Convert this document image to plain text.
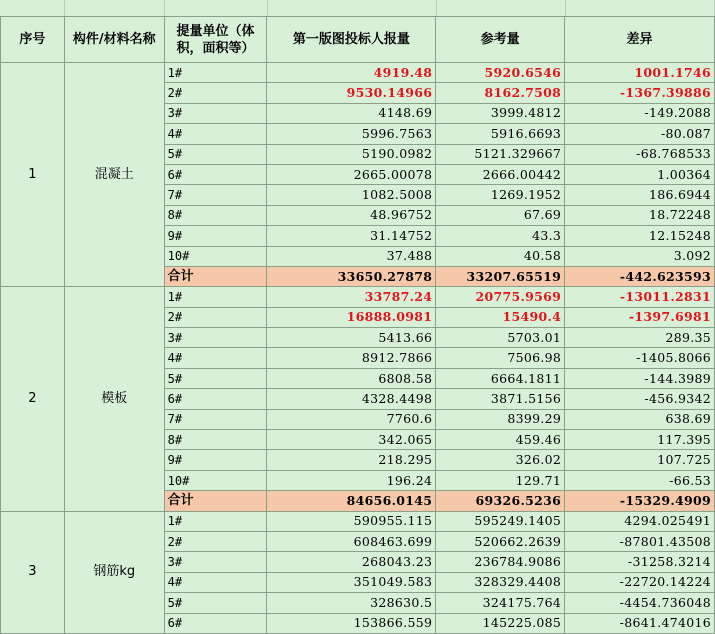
序号	构件/材料名称	提量单位（体积，面积等）	第一版图投标人报量	参考量	差异
1	混凝土	1#	4919.48	5920.6546	1001.1746
		2#	9530.14966	8162.7508	-1367.39886
		3#	4148.69	3999.4812	-149.2088
		4#	5996.7563	5916.6693	-80.087
		5#	5190.0982	5121.329667	-68.768533
		6#	2665.00078	2666.00442	1.00364
		7#	1082.5008	1269.1952	186.6944
		8#	48.96752	67.69	18.72248
		9#	31.14752	43.3	12.15248
		10#	37.488	40.58	3.092
		合计	33650.27878	33207.65519	-442.623593
2	模板	1#	33787.24	20775.9569	-13011.2831
		2#	16888.0981	15490.4	-1397.6981
		3#	5413.66	5703.01	289.35
		4#	8912.7866	7506.98	-1405.8066
		5#	6808.58	6664.1811	-144.3989
		6#	4328.4498	3871.5156	-456.9342
		7#	7760.6	8399.29	638.69
		8#	342.065	459.46	117.395
		9#	218.295	326.02	107.725
		10#	196.24	129.71	-66.53
		合计	84656.0145	69326.5236	-15329.4909
3	钢筋kg	1#	590955.115	595249.1405	4294.025491
		2#	608463.699	520662.2639	-87801.43508
		3#	268043.23	236784.9086	-31258.3214
		4#	351049.583	328329.4408	-22720.14224
		5#	328630.5	324175.764	-4454.736048
		6#	153866.559	145225.085	-8641.474016
